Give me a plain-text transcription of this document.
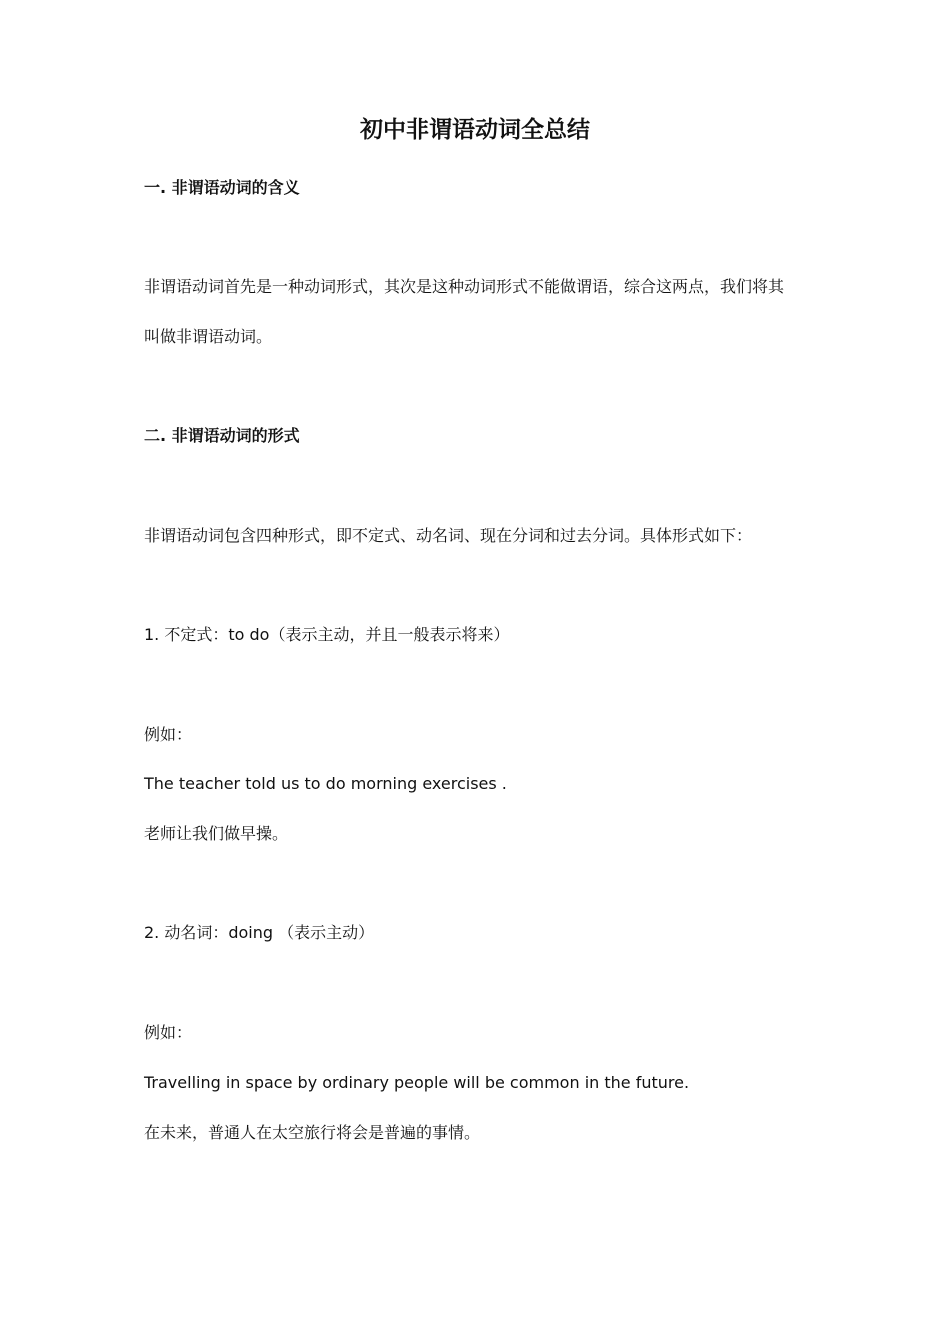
初中非谓语动词全总结
一. 非谓语动词的含义
非谓语动词首先是一种动词形式，其次是这种动词形式不能做谓语，综合这两点，我们将其
叫做非谓语动词。
二. 非谓语动词的形式
非谓语动词包含四种形式，即不定式、动名词、现在分词和过去分词。具体形式如下：
1. 不定式：to do（表示主动，并且一般表示将来）
例如：
The teacher told us to do morning exercises .
老师让我们做早操。
2. 动名词：doing （表示主动）
例如：
Travelling in space by ordinary people will be common in the future.
在未来，普通人在太空旅行将会是普遍的事情。
